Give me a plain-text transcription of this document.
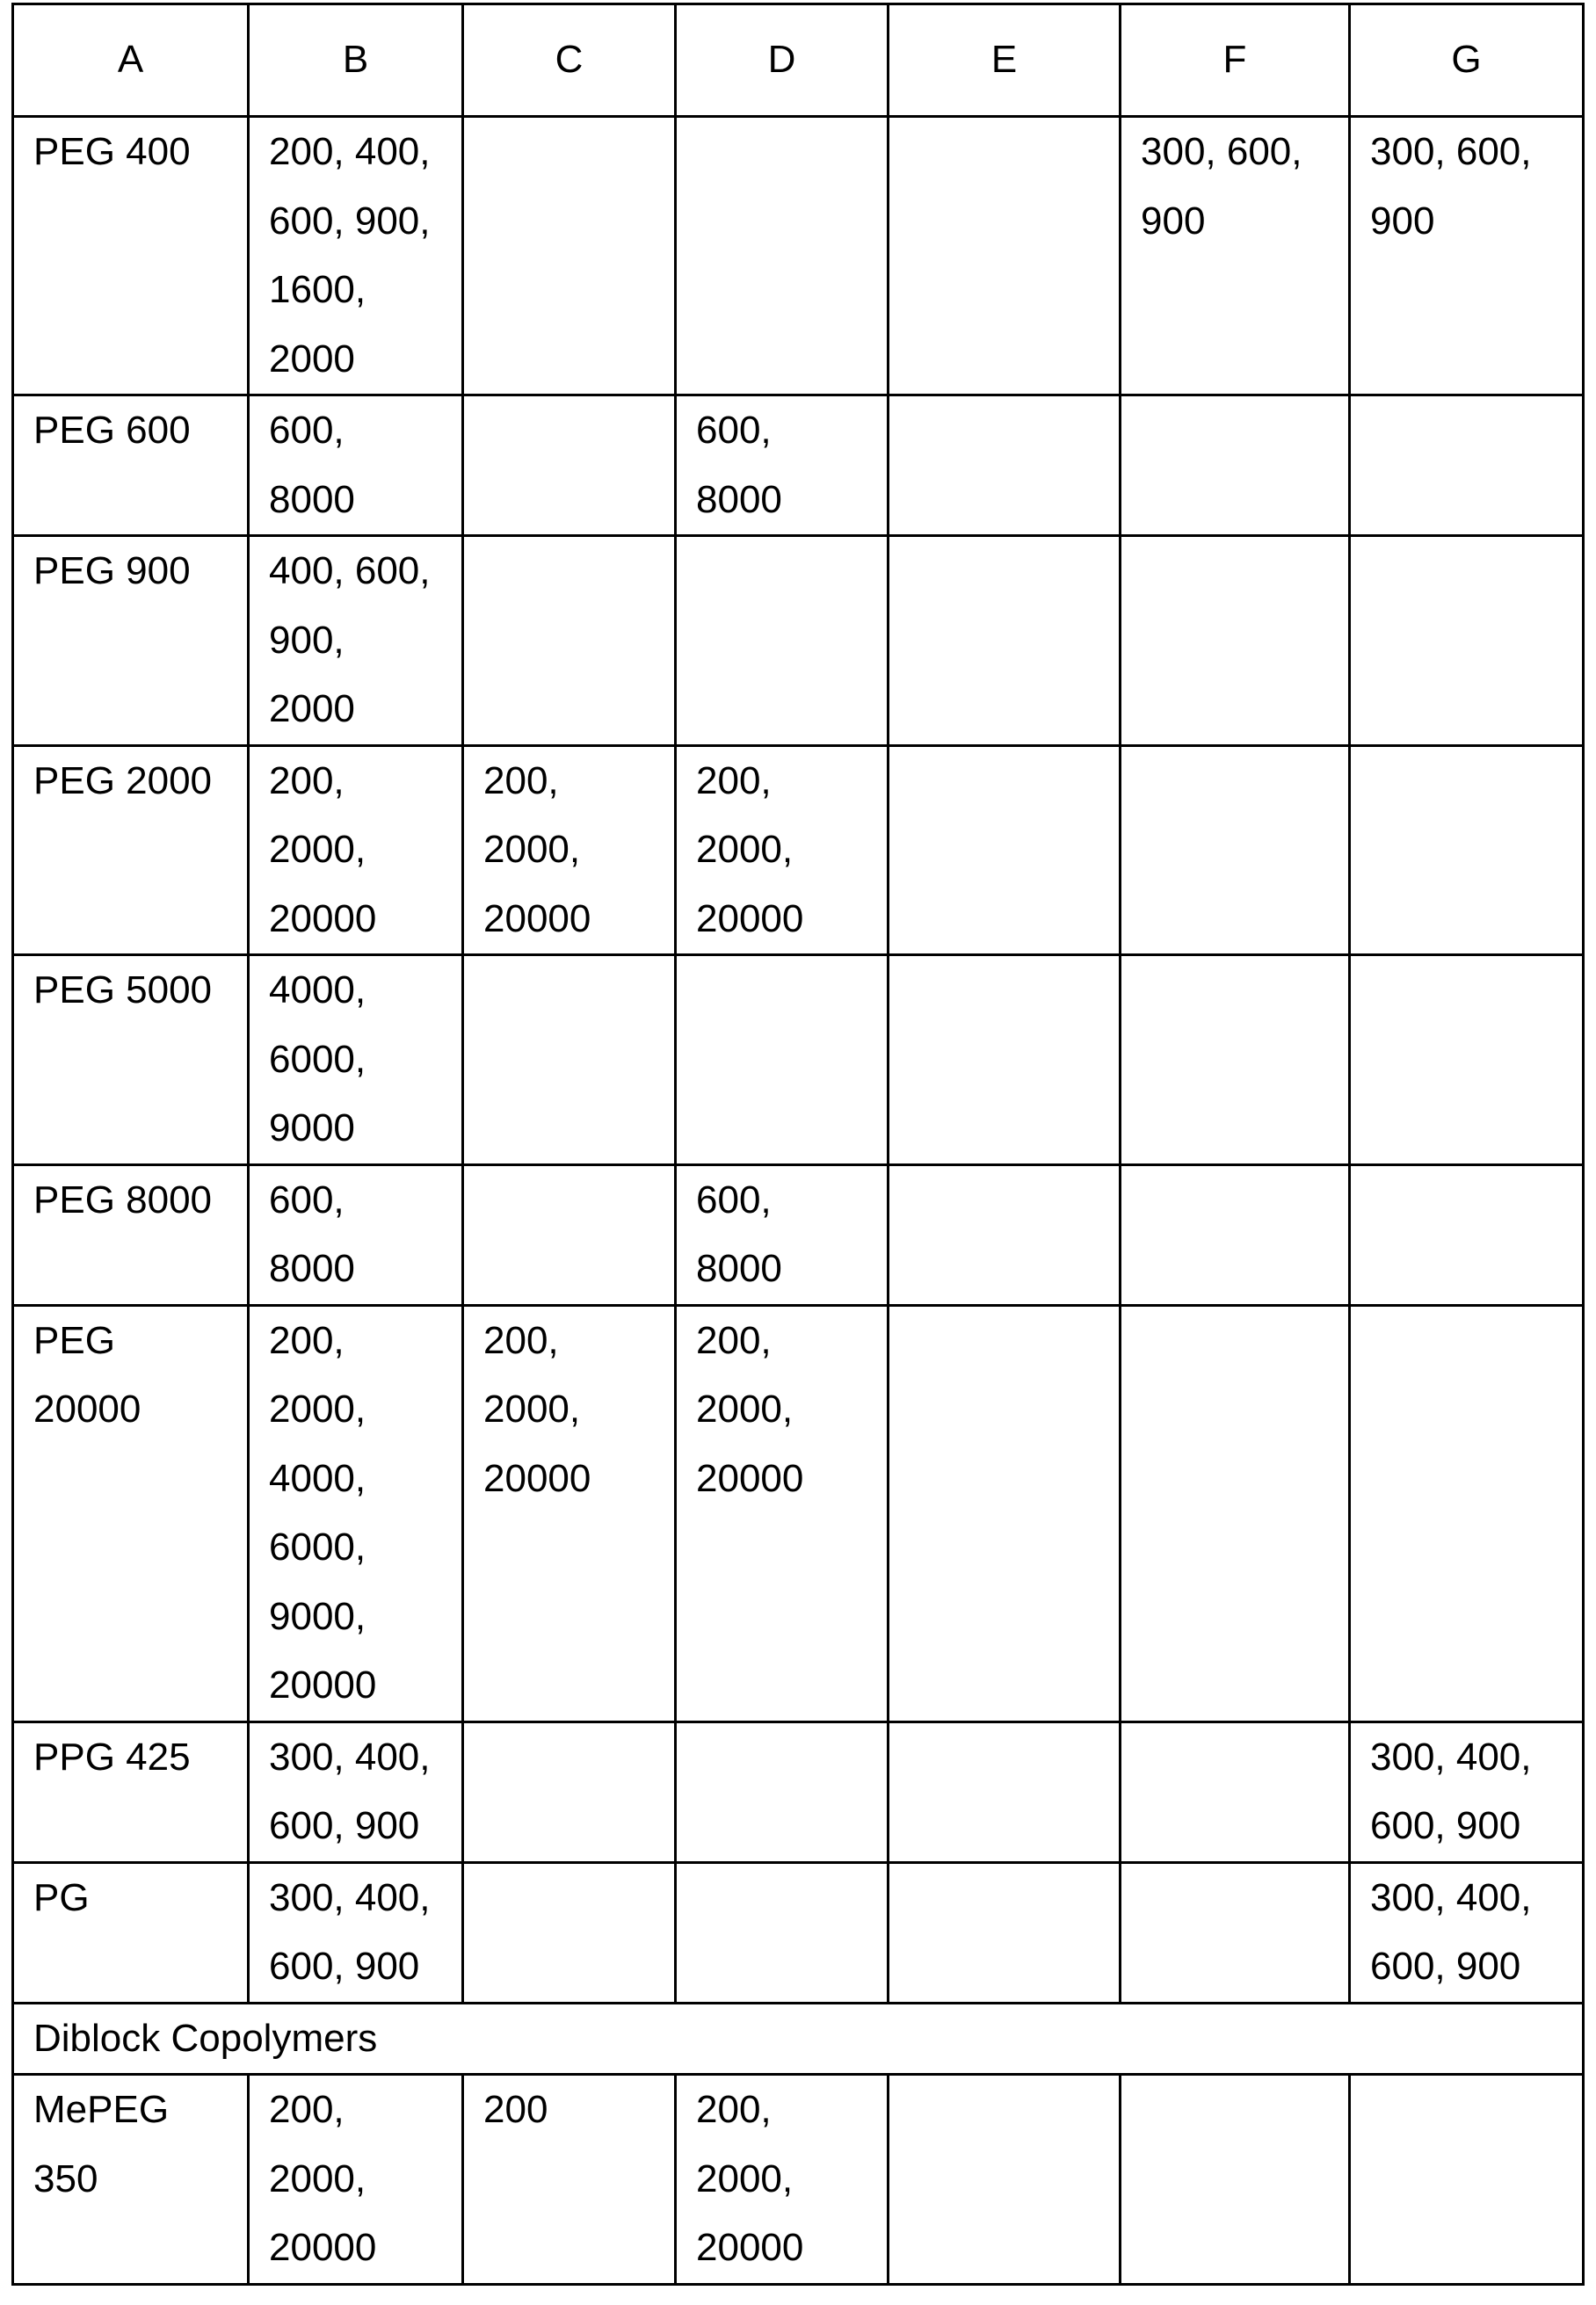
A	B	C	D	E	F	G
PEG 400	200, 400,
600, 900,
1600,
2000				300, 600,
900	300, 600,
900
PEG 600	600,
8000		600,
8000			
PEG 900	400, 600,
900,
2000					
PEG 2000	200,
2000,
20000	200,
2000,
20000	200,
2000,
20000			
PEG 5000	4000,
6000,
9000					
PEG 8000	600,
8000		600,
8000			
PEG
20000	200,
2000,
4000,
6000,
9000,
20000	200,
2000,
20000	200,
2000,
20000			
PPG 425	300, 400,
600, 900					300, 400,
600, 900
PG	300, 400,
600, 900					300, 400,
600, 900
Diblock Copolymers
MePEG
350	200,
2000,
20000	200	200,
2000,
20000			
